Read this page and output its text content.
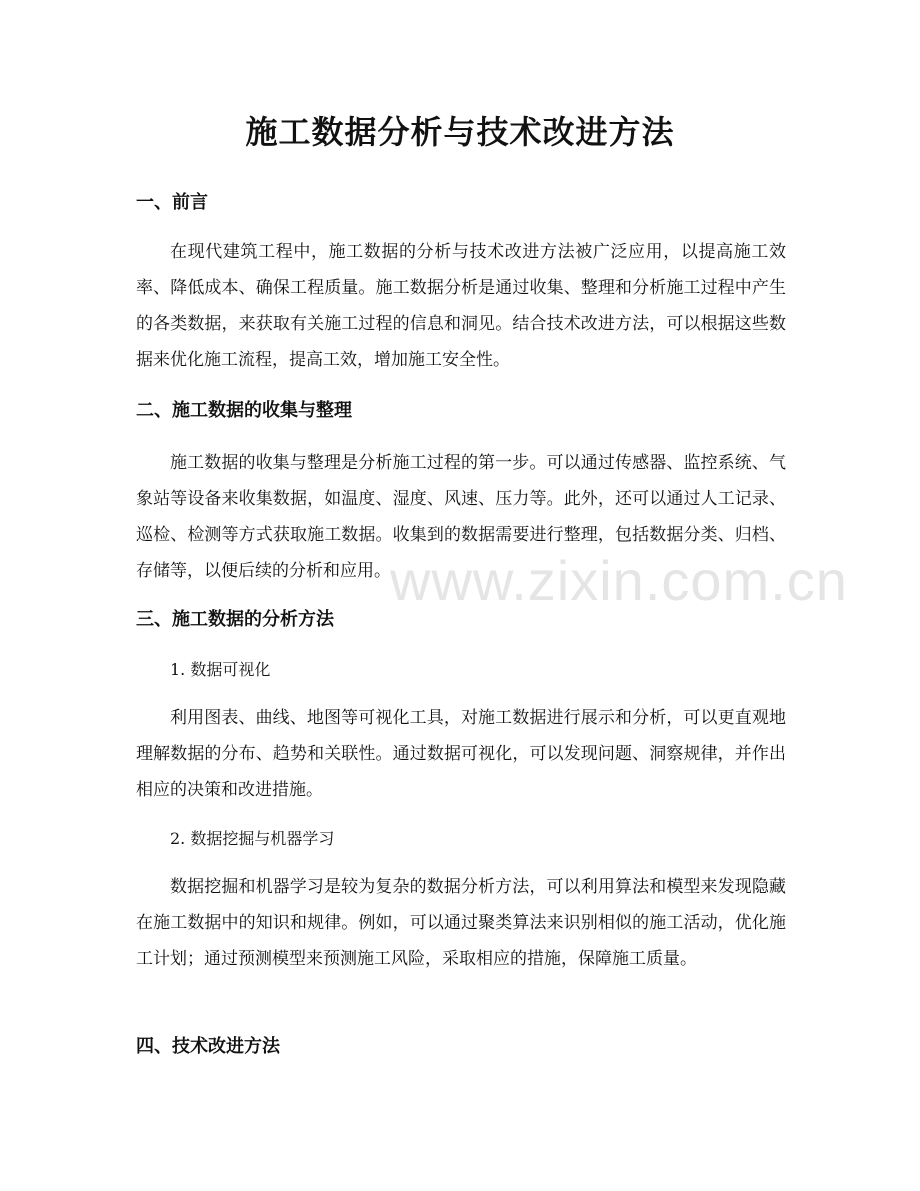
施工数据分析与技术改进方法
一、前言

在现代建筑工程中，施工数据的分析与技术改进方法被广泛应用，以提高施工效率、降低成本、确保工程质量。施工数据分析是通过收集、整理和分析施工过程中产生的各类数据，来获取有关施工过程的信息和洞见。结合技术改进方法，可以根据这些数据来优化施工流程，提高工效，增加施工安全性。

二、施工数据的收集与整理

施工数据的收集与整理是分析施工过程的第一步。可以通过传感器、监控系统、气象站等设备来收集数据，如温度、湿度、风速、压力等。此外，还可以通过人工记录、巡检、检测等方式获取施工数据。收集到的数据需要进行整理，包括数据分类、归档、存储等，以便后续的分析和应用。

三、施工数据的分析方法

1. 数据可视化

利用图表、曲线、地图等可视化工具，对施工数据进行展示和分析，可以更直观地理解数据的分布、趋势和关联性。通过数据可视化，可以发现问题、洞察规律，并作出相应的决策和改进措施。

2. 数据挖掘与机器学习

数据挖掘和机器学习是较为复杂的数据分析方法，可以利用算法和模型来发现隐藏在施工数据中的知识和规律。例如，可以通过聚类算法来识别相似的施工活动，优化施工计划；通过预测模型来预测施工风险，采取相应的措施，保障施工质量。

四、技术改进方法
www.zixin.com.cn
